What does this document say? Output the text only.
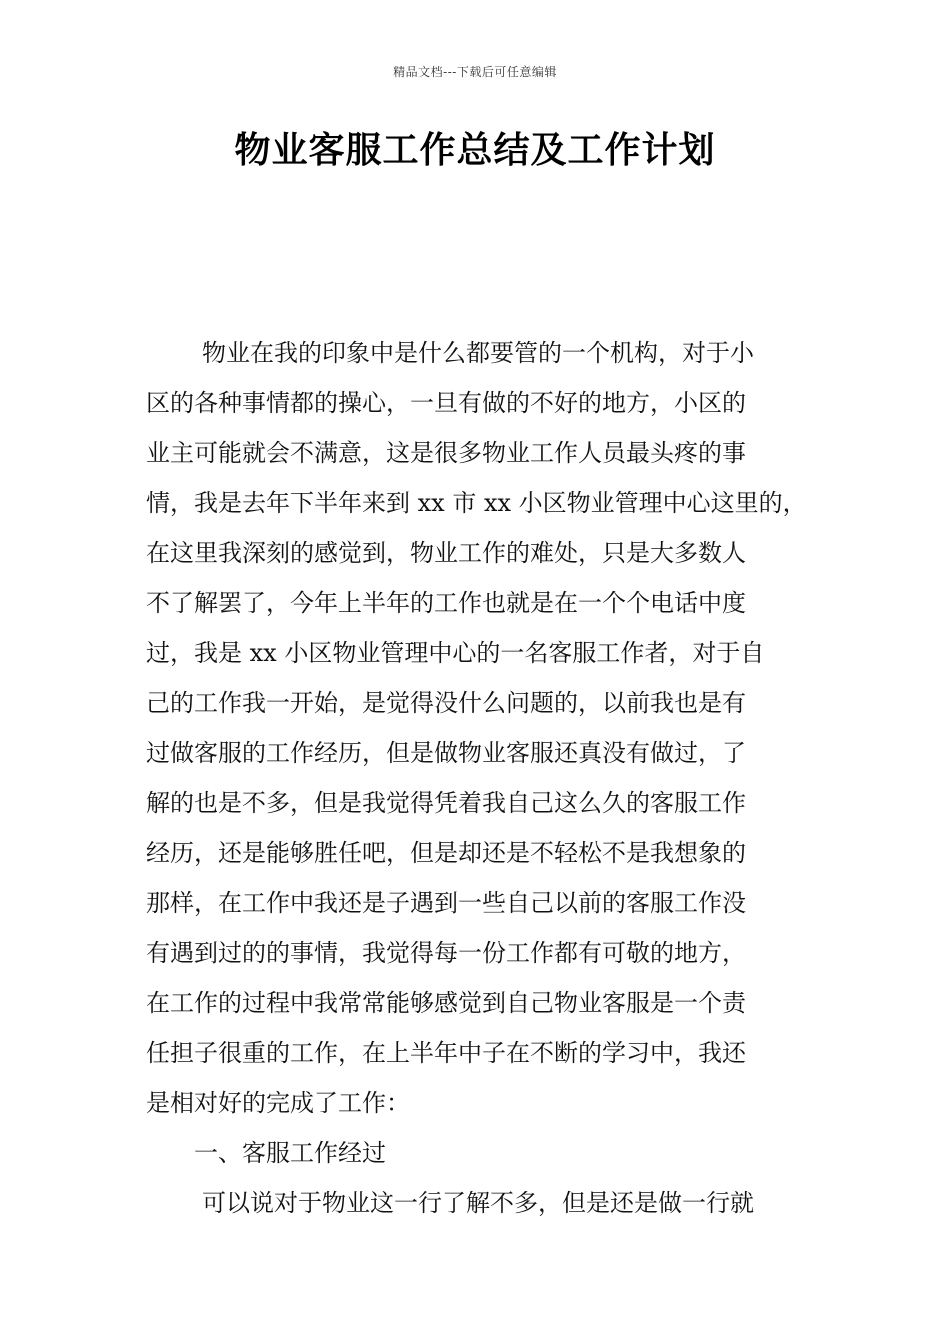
精品文档---下载后可任意编辑
物业客服工作总结及工作计划
物业在我的印象中是什么都要管的一个机构，对于小
区的各种事情都的操心，一旦有做的不好的地方，小区的
业主可能就会不满意，这是很多物业工作人员最头疼的事
情，我是去年下半年来到 xx 市 xx 小区物业管理中心这里的，
在这里我深刻的感觉到，物业工作的难处，只是大多数人
不了解罢了，今年上半年的工作也就是在一个个电话中度
过，我是 xx 小区物业管理中心的一名客服工作者，对于自
己的工作我一开始，是觉得没什么问题的，以前我也是有
过做客服的工作经历，但是做物业客服还真没有做过，了
解的也是不多，但是我觉得凭着我自己这么久的客服工作
经历，还是能够胜任吧，但是却还是不轻松不是我想象的
那样，在工作中我还是子遇到一些自己以前的客服工作没
有遇到过的的事情，我觉得每一份工作都有可敬的地方，
在工作的过程中我常常能够感觉到自己物业客服是一个责
任担子很重的工作，在上半年中子在不断的学习中，我还
是相对好的完成了工作：
一、客服工作经过
可以说对于物业这一行了解不多，但是还是做一行就
